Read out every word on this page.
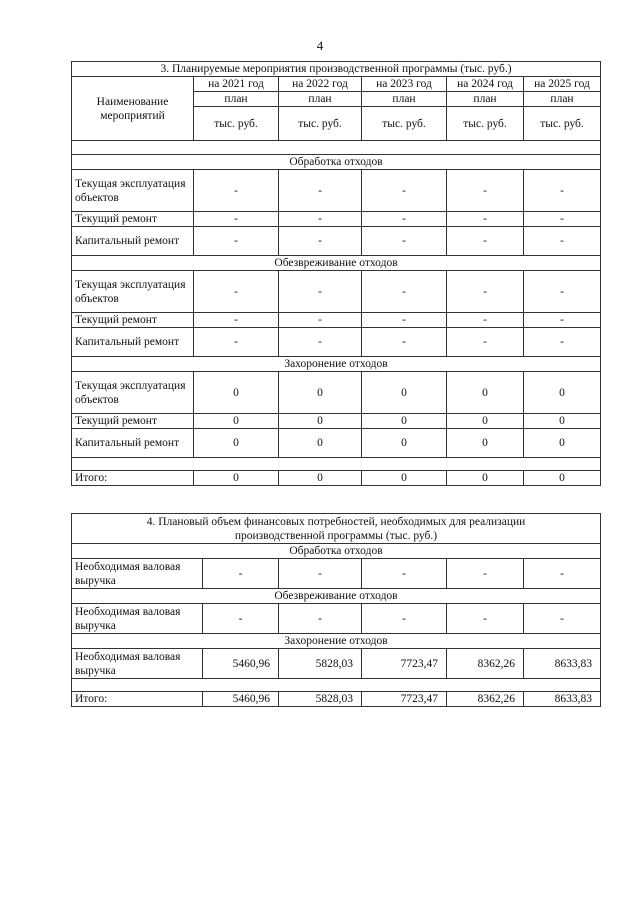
4
3. Планируемые мероприятия производственной программы (тыс. руб.)					
Наименование мероприятий	на 2021 год	на 2022 год	на 2023 год	на 2024 год	на 2025 год
	план	план	план	план	план
	тыс. руб.	тыс. руб.	тыс. руб.	тыс. руб.	тыс. руб.

Обработка отходов					
Текущая эксплуатация объектов	-	-	-	-	-
Текущий ремонт	-	-	-	-	-
Капитальный ремонт	-	-	-	-	-
Обезвреживание отходов					
Текущая эксплуатация объектов	-	-	-	-	-
Текущий ремонт	-	-	-	-	-
Капитальный ремонт	-	-	-	-	-
Захоронение отходов					
Текущая эксплуатация объектов	0	0	0	0	0
Текущий ремонт	0	0	0	0	0
Капитальный ремонт	0	0	0	0	0

Итого:	0	0	0	0	0
4. Плановый объем финансовых потребностей, необходимых для реализации производственной программы (тыс. руб.)					
Обработка отходов					
Необходимая валовая выручка	-	-	-	-	-
Обезвреживание отходов					
Необходимая валовая выручка	-	-	-	-	-
Захоронение отходов					
Необходимая валовая выручка	5460,96	5828,03	7723,47	8362,26	8633,83

Итого:	5460,96	5828,03	7723,47	8362,26	8633,83
